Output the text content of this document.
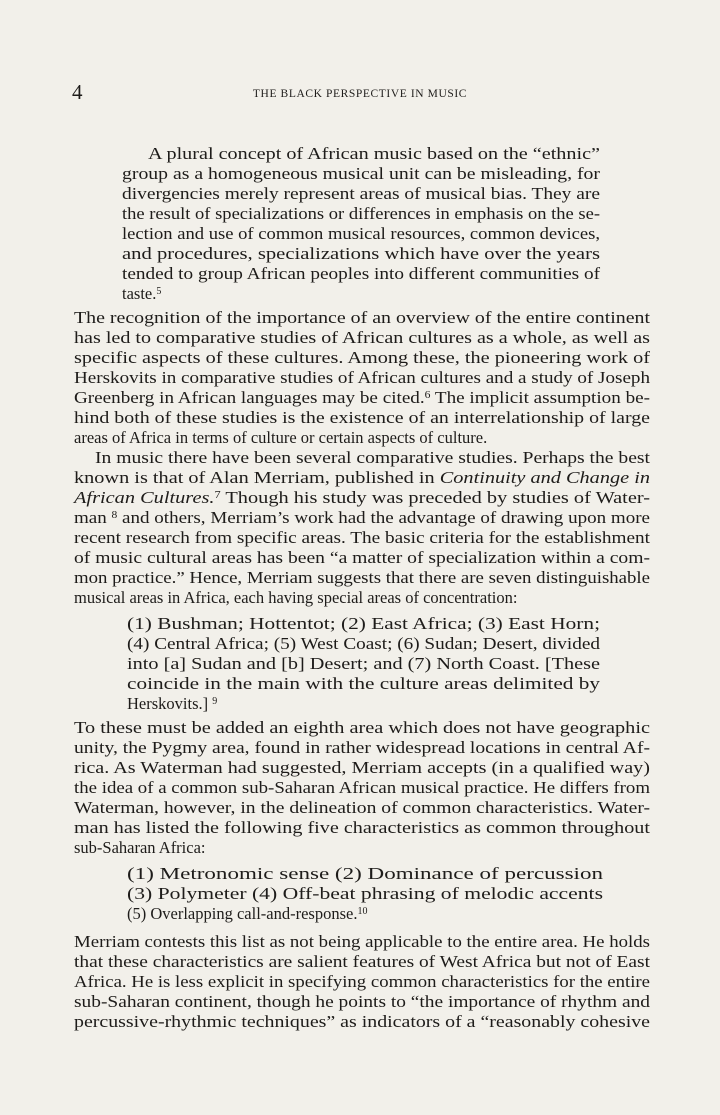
4	THE BLACK PERSPECTIVE IN MUSIC
A plural concept of African music based on the “ethnic”
group as a homogeneous musical unit can be misleading, for
divergencies merely represent areas of musical bias. They are
the result of specializations or differences in emphasis on the se-
lection and use of common musical resources, common devices,
and procedures, specializations which have over the years
tended to group African peoples into different communities of
taste.$^5$
The recognition of the importance of an overview of the entire continent
has led to comparative studies of African cultures as a whole, as well as
specific aspects of these cultures. Among these, the pioneering work of
Herskovits in comparative studies of African cultures and a study of Joseph
Greenberg in African languages may be cited.$^6$ The implicit assumption be-
hind both of these studies is the existence of an interrelationship of large
areas of Africa in terms of culture or certain aspects of culture.
In music there have been several comparative studies. Perhaps the best
known is that of Alan Merriam, published in Continuity and Change in
African Cultures.$^7$ Though his study was preceded by studies of Water-
man $^8$ and others, Merriam’s work had the advantage of drawing upon more
recent research from specific areas. The basic criteria for the establishment
of music cultural areas has been “a matter of specialization within a com-
mon practice.” Hence, Merriam suggests that there are seven distinguishable
musical areas in Africa, each having special areas of concentration:
(1) Bushman; Hottentot; (2) East Africa; (3) East Horn;
(4) Central Africa; (5) West Coast; (6) Sudan; Desert, divided
into [a] Sudan and [b] Desert; and (7) North Coast. [These
coincide in the main with the culture areas delimited by
Herskovits.] $^9$
To these must be added an eighth area which does not have geographic
unity, the Pygmy area, found in rather widespread locations in central Af-
rica. As Waterman had suggested, Merriam accepts (in a qualified way)
the idea of a common sub-Saharan African musical practice. He differs from
Waterman, however, in the delineation of common characteristics. Water-
man has listed the following five characteristics as common throughout
sub-Saharan Africa:
(1) Metronomic sense (2) Dominance of percussion
(3) Polymeter (4) Off-beat phrasing of melodic accents
(5) Overlapping call-and-response.$^{10}$
Merriam contests this list as not being applicable to the entire area. He holds
that these characteristics are salient features of West Africa but not of East
Africa. He is less explicit in specifying common characteristics for the entire
sub-Saharan continent, though he points to “the importance of rhythm and
percussive-rhythmic techniques” as indicators of a “reasonably cohesive
